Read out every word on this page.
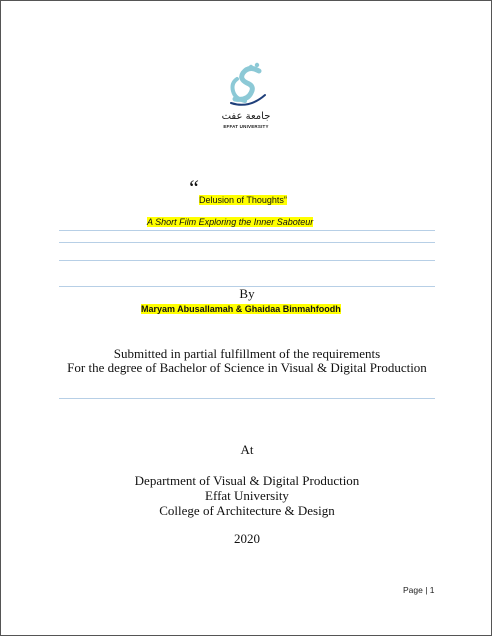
جامعة عفت
EFFAT UNIVERSITY
“ Delusion of Thoughts”
A Short Film Exploring the Inner Saboteur
By
Maryam Abusallamah & Ghaidaa Binmahfoodh
Submitted in partial fulfillment of the requirements
For the degree of Bachelor of Science in Visual & Digital Production
At
Department of Visual & Digital Production
Effat University
College of Architecture & Design
2020
Page | 1
